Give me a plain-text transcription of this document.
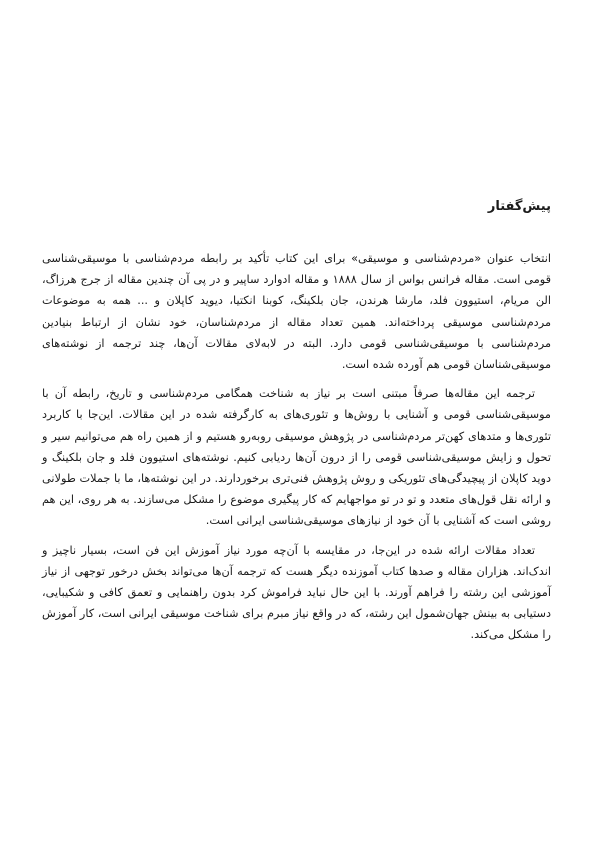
پیش‌گفتار

انتخاب عنوان «مردم‌شناسی و موسیقی» برای این کتاب تأکید بر رابطه مردم‌شناسی با موسیقی‌شناسی قومی است. مقاله فرانس بواس از سال ۱۸۸۸ و مقاله ادوارد ساپیر و در پی آن چندین مقاله از جرج هرزاگ، الن مریام، استیوون فلد، مارشا هرندن، جان بلکینگ، کوبنا انکتیا، دیوید کاپلان و ... همه به موضوعات مردم‌شناسی موسیقی پرداخته‌اند. همین تعداد مقاله از مردم‌شناسان، خود نشان از ارتباط بنیادین مردم‌شناسی با موسیقی‌شناسی قومی دارد. البته در لابه‌لای مقالات آن‌ها، چند ترجمه از نوشته‌های موسیقی‌شناسان قومی هم آورده شده است.

ترجمه این مقاله‌ها صرفاً مبتنی است بر نیاز به شناخت همگامی مردم‌شناسی و تاریخ، رابطه آن با موسیقی‌شناسی قومی و آشنایی با روش‌ها و تئوری‌های به کارگرفته شده در این مقالات. این‌جا با کاربرد تئوری‌ها و متدهای کهن‌تر مردم‌شناسی در پژوهش موسیقی روبه‌رو هستیم و از همین راه هم می‌توانیم سیر و تحول و زایش موسیقی‌شناسی قومی را از درون آن‌ها ردیابی کنیم. نوشته‌های استیوون فلد و جان بلکینگ و دوید کاپلان از پیچیدگی‌های تئوریکی و روش پژوهش فنی‌تری برخوردارند. در این نوشته‌ها، ما با جملات طولانی و ارائه نقل قول‌های متعدد و تو در تو مواجهایم که کار پیگیری موضوع را مشکل می‌سازند. به هر روی، این هم روشی است که آشنایی با آن خود از نیازهای موسیقی‌شناسی ایرانی است.

تعداد مقالات ارائه شده در این‌جا، در مقایسه با آن‌چه مورد نیاز آموزش این فن است، بسیار ناچیز و اندک‌اند. هزاران مقاله و صدها کتاب آموزنده دیگر هست که ترجمه آن‌ها می‌تواند بخش درخور توجهی از نیاز آموزشی این رشته را فراهم آورند. با این حال نباید فراموش کرد بدون راهنمایی و تعمق کافی و شکیبایی، دستیابی به بینش جهان‌شمول این رشته، که در واقع نیاز مبرم برای شناخت موسیقی ایرانی است، کار آموزش را مشکل می‌کند.
